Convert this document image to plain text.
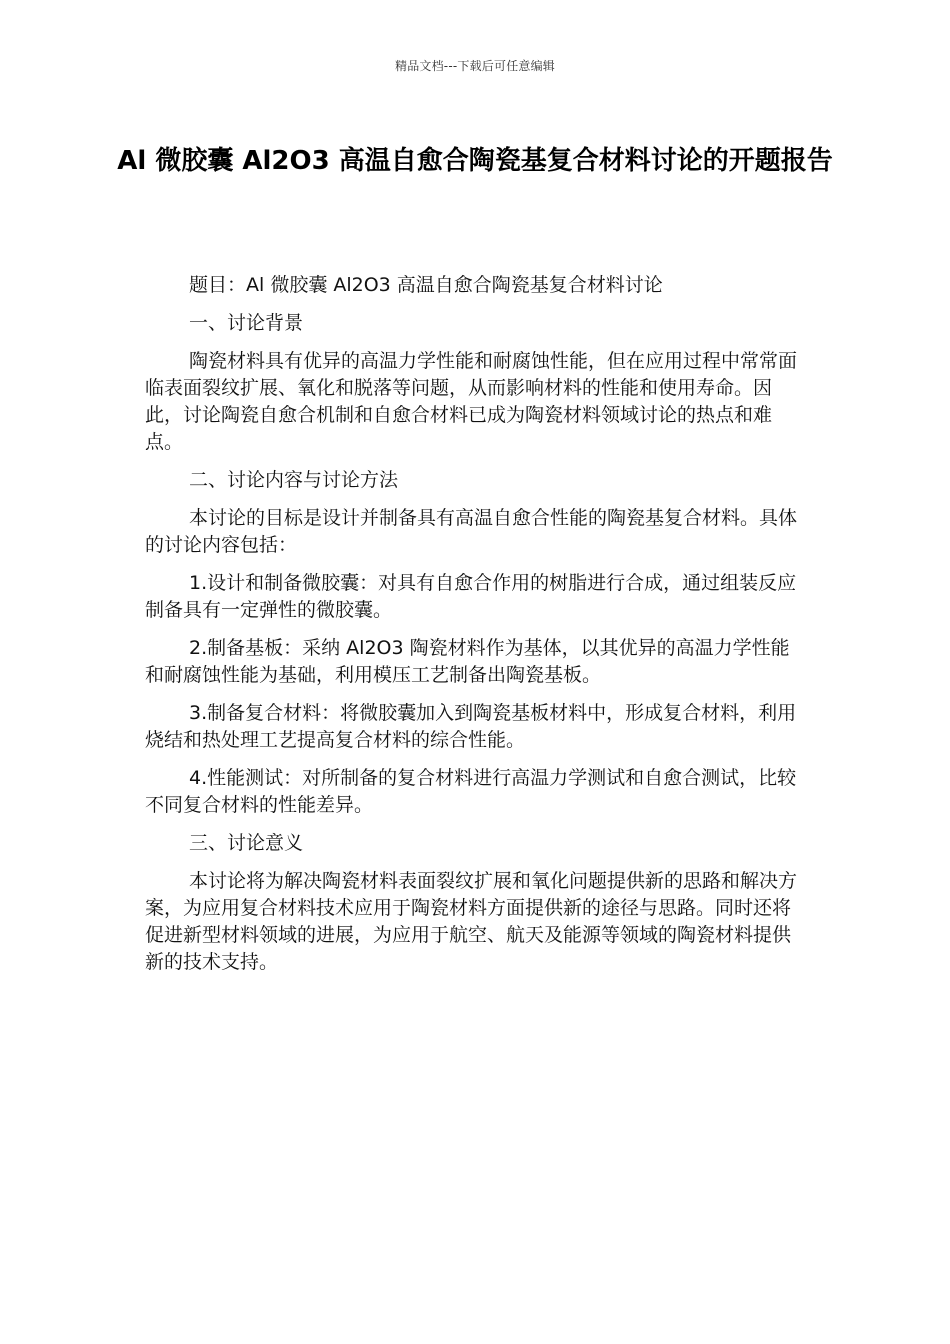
精品文档---下载后可任意编辑
Al 微胶囊 Al2O3 高温自愈合陶瓷基复合材料讨论的开题报告

题目：Al 微胶囊 Al2O3 高温自愈合陶瓷基复合材料讨论

一、讨论背景

陶瓷材料具有优异的高温力学性能和耐腐蚀性能，但在应用过程中常常面临表面裂纹扩展、氧化和脱落等问题，从而影响材料的性能和使用寿命。因此，讨论陶瓷自愈合机制和自愈合材料已成为陶瓷材料领域讨论的热点和难点。

二、讨论内容与讨论方法

本讨论的目标是设计并制备具有高温自愈合性能的陶瓷基复合材料。具体的讨论内容包括：

1.设计和制备微胶囊：对具有自愈合作用的树脂进行合成，通过组装反应制备具有一定弹性的微胶囊。

2.制备基板：采纳 Al2O3 陶瓷材料作为基体，以其优异的高温力学性能和耐腐蚀性能为基础，利用模压工艺制备出陶瓷基板。

3.制备复合材料：将微胶囊加入到陶瓷基板材料中，形成复合材料，利用烧结和热处理工艺提高复合材料的综合性能。

4.性能测试：对所制备的复合材料进行高温力学测试和自愈合测试，比较不同复合材料的性能差异。

三、讨论意义

本讨论将为解决陶瓷材料表面裂纹扩展和氧化问题提供新的思路和解决方案，为应用复合材料技术应用于陶瓷材料方面提供新的途径与思路。同时还将促进新型材料领域的进展，为应用于航空、航天及能源等领域的陶瓷材料提供新的技术支持。
